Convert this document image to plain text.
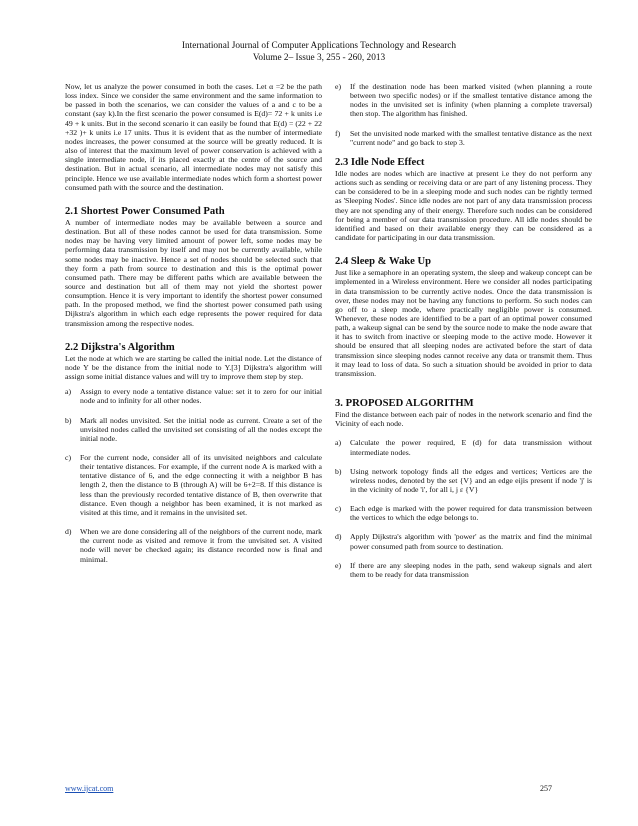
International Journal of Computer Applications Technology and Research
Volume 2– Issue 3, 255 - 260, 2013

Now, let us analyze the power consumed in both the cases. Let α =2 be the path loss index. Since we consider the same environment and the same information to be passed in both the scenarios, we can consider the values of a and c to be a constant (say k).In the first scenario the power consumed is E(d)= 72 + k units i.e 49 + k units. But in the second scenario it can easily be found that E(d) = (22 + 22 +32 )+ k units i.e 17 units. Thus it is evident that as the number of intermediate nodes increases, the power consumed at the source will be greatly reduced. It is also of interest that the maximum level of power conservation is achieved with a single intermediate node, if its placed exactly at the centre of the source and destination. But in actual scenario, all intermediate nodes may not satisfy this principle. Hence we use available intermediate nodes which form a shortest power consumed path with the source and the destination.

2.1 Shortest Power Consumed Path

A number of intermediate nodes may be available between a source and destination. But all of these nodes cannot be used for data transmission. Some nodes may be having very limited amount of power left, some nodes may be performing data transmission by itself and may not be currently available, while some nodes may be inactive. Hence a set of nodes should be selected such that they form a path from source to destination and this is the optimal power consumed path. There may be different paths which are available between the source and destination but all of them may not yield the shortest power consumption. Hence it is very important to identify the shortest power consumed path. In the proposed method, we find the shortest power consumed path using Dijkstra's algorithm in which each edge represents the power required for data transmission among the respective nodes.

2.2 Dijkstra's Algorithm

Let the node at which we are starting be called the initial node. Let the distance of node Y be the distance from the initial node to Y.[3] Dijkstra's algorithm will assign some initial distance values and will try to improve them step by step.

a)	Assign to every node a tentative distance value: set it to zero for our initial node and to infinity for all other nodes.
b)	Mark all nodes unvisited. Set the initial node as current. Create a set of the unvisited nodes called the unvisited set consisting of all the nodes except the initial node.
c)	For the current node, consider all of its unvisited neighbors and calculate their tentative distances. For example, if the current node A is marked with a tentative distance of 6, and the edge connecting it with a neighbor B has length 2, then the distance to B (through A) will be 6+2=8. If this distance is less than the previously recorded tentative distance of B, then overwrite that distance. Even though a neighbor has been examined, it is not marked as visited at this time, and it remains in the unvisited set.
d)	When we are done considering all of the neighbors of the current node, mark the current node as visited and remove it from the unvisited set. A visited node will never be checked again; its distance recorded now is final and minimal.
e)	If the destination node has been marked visited (when planning a route between two specific nodes) or if the smallest tentative distance among the nodes in the unvisited set is infinity (when planning a complete traversal) then stop. The algorithm has finished.
f)	Set the unvisited node marked with the smallest tentative distance as the next "current node" and go back to step 3.
2.3 Idle Node Effect

Idle nodes are nodes which are inactive at present i.e they do not perform any actions such as sending or receiving data or are part of any listening process. They can be considered to be in a sleeping mode and such nodes can be rightly termed as 'Sleeping Nodes'. Since idle nodes are not part of any data transmission process they are not spending any of their energy. Therefore such nodes can be considered for being a member of our data transmission procedure. All idle nodes should be identified and based on their available energy they can be considered as a candidate for participating in our data transmission.

2.4 Sleep & Wake Up

Just like a semaphore in an operating system, the sleep and wakeup concept can be implemented in a Wireless environment. Here we consider all nodes participating in data transmission to be currently active nodes. Once the data transmission is over, these nodes may not be having any functions to perform. So such nodes can go off to a sleep mode, where practically negligible power is consumed. Whenever, these nodes are identified to be a part of an optimal power consumed path, a wakeup signal can be send by the source node to make the node aware that it has to switch from inactive or sleeping mode to the active mode. However it should be ensured that all sleeping nodes are activated before the start of data transmission since sleeping nodes cannot receive any data or transmit them. Thus it may lead to loss of data. So such a situation should be avoided in prior to data transmission.

3. PROPOSED ALGORITHM

Find the distance between each pair of nodes in the network scenario and find the Vicinity of each node.

a)	Calculate the power required, E (d) for data transmission without intermediate nodes.
b)	Using network topology finds all the edges and vertices; Vertices are the wireless nodes, denoted by the set {V} and an edge eijis present if node 'j' is in the vicinity of node 'i', for all i, j ε {V}
c)	Each edge is marked with the power required for data transmission between the vertices to which the edge belongs to.
d)	Apply Dijkstra's algorithm with 'power' as the matrix and find the minimal power consumed path from source to destination.
e)	If there are any sleeping nodes in the path, send wakeup signals and alert them to be ready for data transmission
www.ijcat.com	257
